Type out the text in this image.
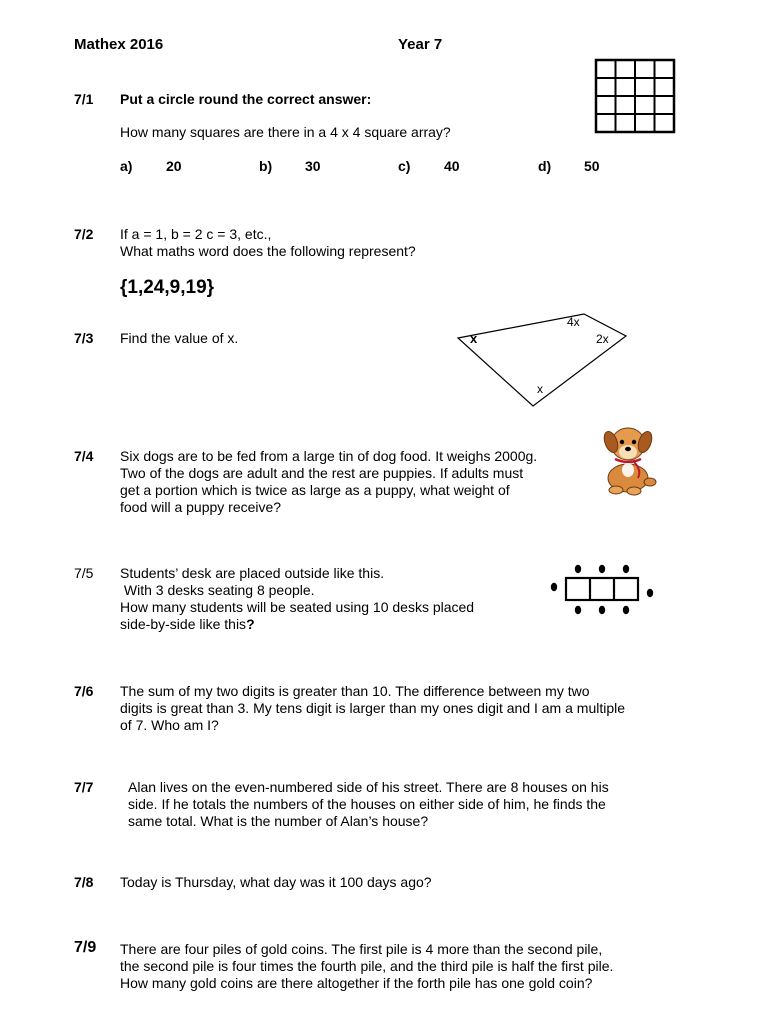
Mathex 2016	Year 7
7/1 Put a circle round the correct answer:
How many squares are there in a 4 x 4 square array?
a) 20	b) 30	c) 40	d) 50
7/2 If a = 1, b = 2 c = 3, etc.,
What maths word does the following represent?
{1,24,9,19}
7/3 Find the value of x.	x
4x
2x
x
7/4 Six dogs are to be fed from a large tin of dog food. It weighs 2000g.
Two of the dogs are adult and the rest are puppies. If adults must
get a portion which is twice as large as a puppy, what weight of
food will a puppy receive?
7/5 Students’ desk are placed outside like this.
With 3 desks seating 8 people.
How many students will be seated using 10 desks placed
side-by-side like this?
7/6 The sum of my two digits is greater than 10. The difference between my two
digits is great than 3. My tens digit is larger than my ones digit and I am a multiple
of 7. Who am I?
7/7 Alan lives on the even-numbered side of his street. There are 8 houses on his
side. If he totals the numbers of the houses on either side of him, he finds the
same total. What is the number of Alan’s house?
7/8 Today is Thursday, what day was it 100 days ago?
7/9 There are four piles of gold coins. The first pile is 4 more than the second pile,
the second pile is four times the fourth pile, and the third pile is half the first pile.
How many gold coins are there altogether if the forth pile has one gold coin?
